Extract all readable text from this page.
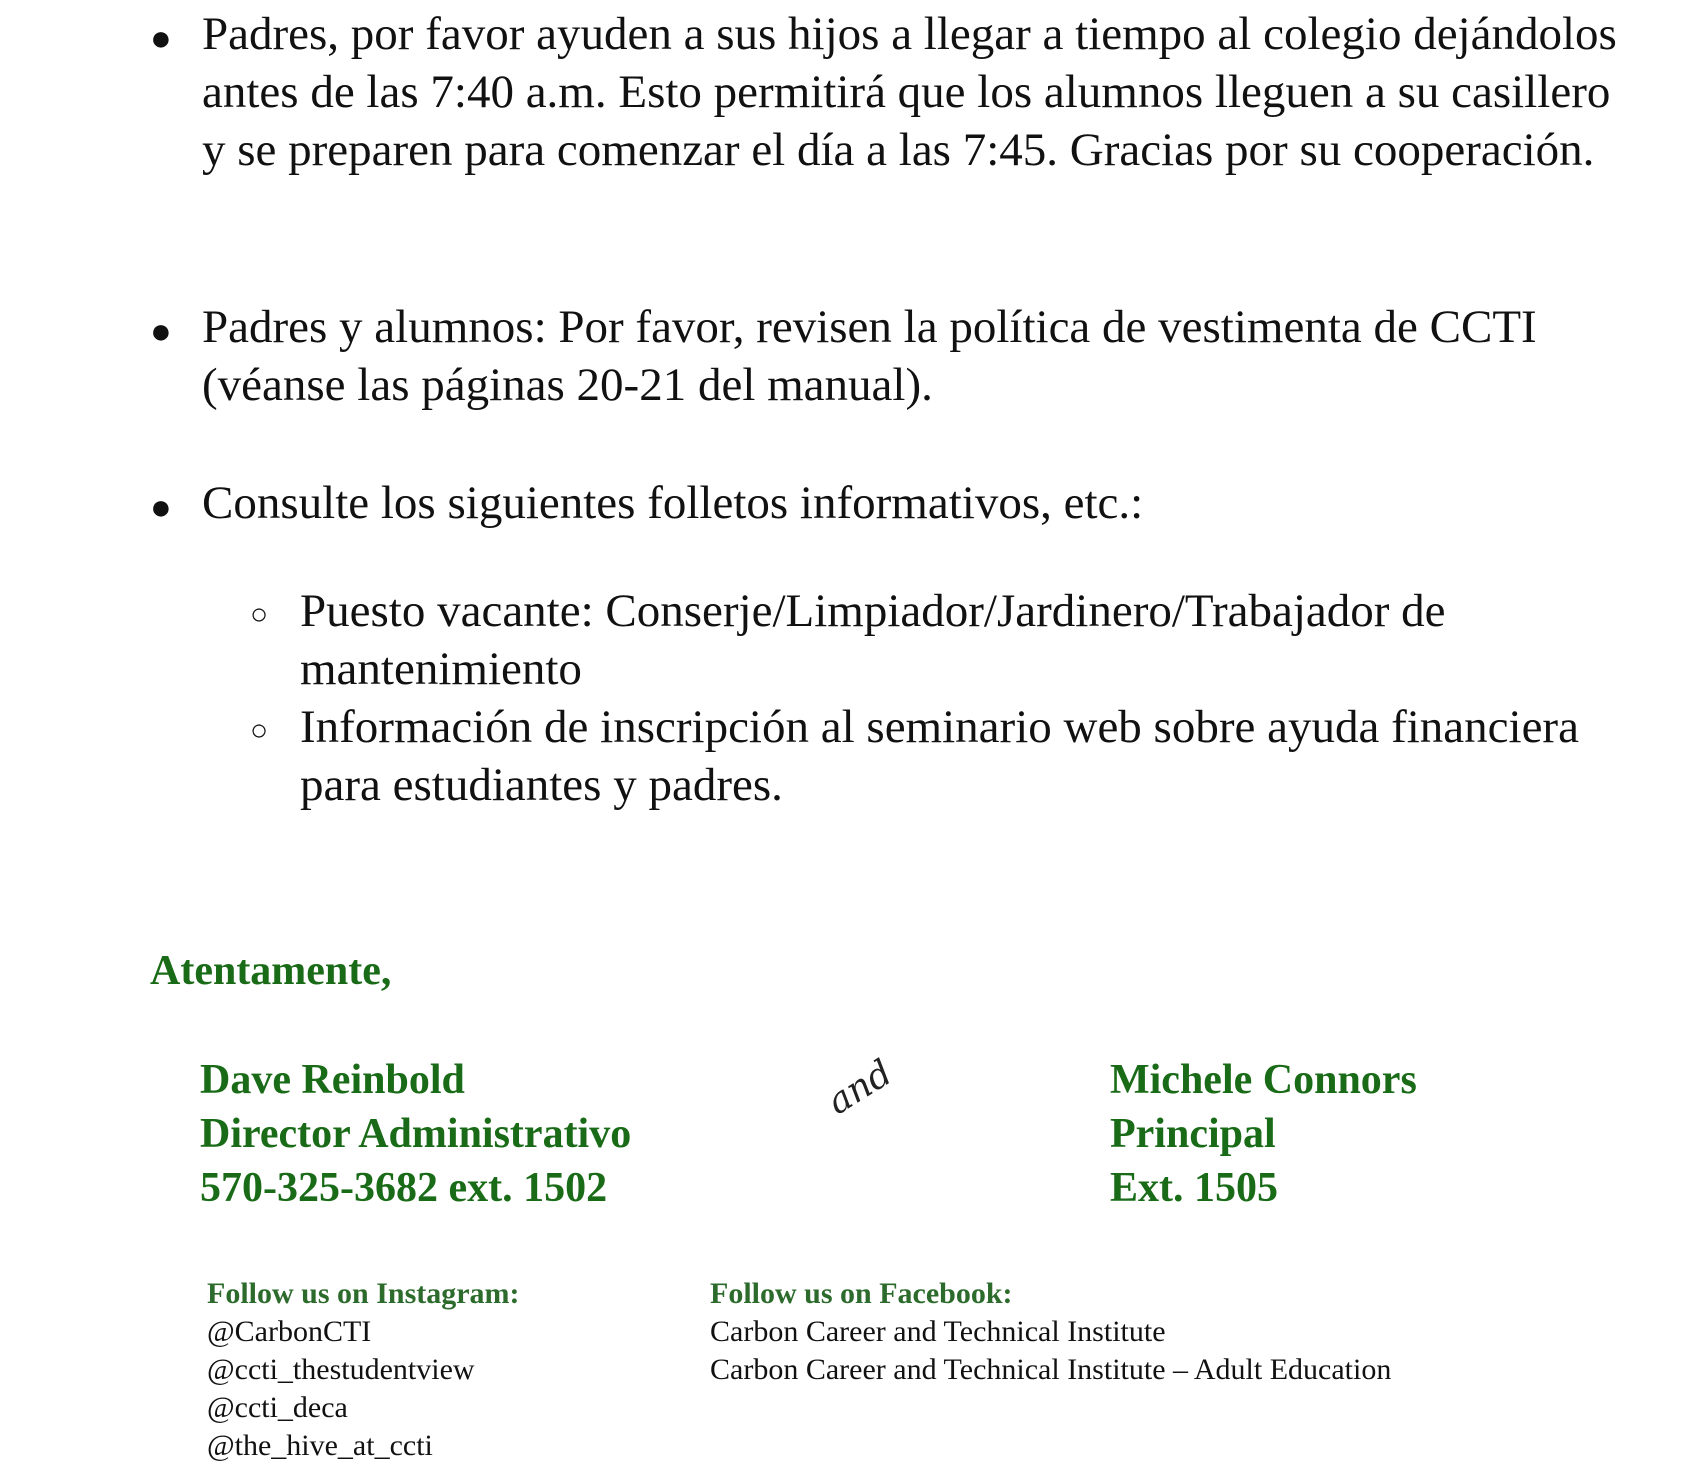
● Padres, por favor ayuden a sus hijos a llegar a tiempo al colegio dejándolos antes de las 7:40 a.m. Esto permitirá que los alumnos lleguen a su casillero y se preparen para comenzar el día a las 7:45. Gracias por su cooperación.
● Padres y alumnos: Por favor, revisen la política de vestimenta de CCTI (véanse las páginas 20-21 del manual).
● Consulte los siguientes folletos informativos, etc.:
○ Puesto vacante: Conserje/Limpiador/Jardinero/Trabajador de mantenimiento
○ Información de inscripción al seminario web sobre ayuda financiera para estudiantes y padres.
Atentamente,
Dave Reinbold
Director Administrativo
570-325-3682 ext. 1502
and	Michele Connors
Principal
Ext. 1505
Follow us on Instagram:
@CarbonCTI
@ccti_thestudentview
@ccti_deca
@the_hive_at_ccti
Follow us on Facebook:
Carbon Career and Technical Institute
Carbon Career and Technical Institute – Adult Education
